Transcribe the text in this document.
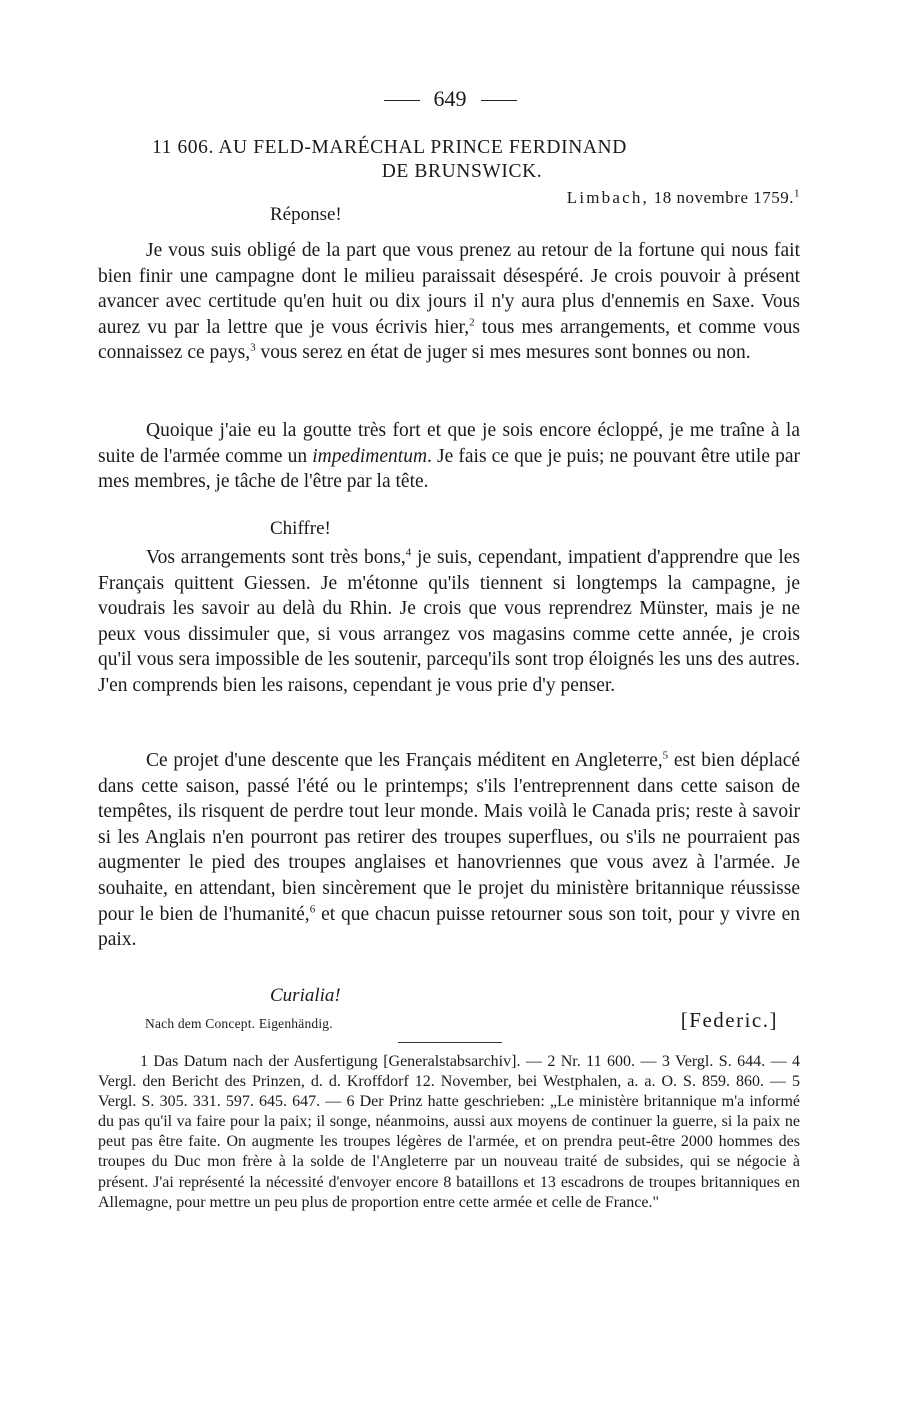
649
11 606. AU FELD-MARÉCHAL PRINCE FERDINAND
DE BRUNSWICK.
Limbach, 18 novembre 1759.$^1$
Réponse!

Je vous suis obligé de la part que vous prenez au retour de la fortune qui nous fait bien finir une campagne dont le milieu paraissait désespéré. Je crois pouvoir à présent avancer avec certitude qu'en huit ou dix jours il n'y aura plus d'ennemis en Saxe. Vous aurez vu par la lettre que je vous écrivis hier,$^2$ tous mes arrangements, et comme vous connaissez ce pays,$^3$ vous serez en état de juger si mes mesures sont bonnes ou non.

Quoique j'aie eu la goutte très fort et que je sois encore écloppé, je me traîne à la suite de l'armée comme un impedimentum. Je fais ce que je puis; ne pouvant être utile par mes membres, je tâche de l'être par la tête.

Chiffre!

Vos arrangements sont très bons,$^4$ je suis, cependant, impatient d'apprendre que les Français quittent Giessen. Je m'étonne qu'ils tiennent si longtemps la campagne, je voudrais les savoir au delà du Rhin. Je crois que vous reprendrez Münster, mais je ne peux vous dissimuler que, si vous arrangez vos magasins comme cette année, je crois qu'il vous sera impossible de les soutenir, parcequ'ils sont trop éloignés les uns des autres. J'en comprends bien les raisons, cependant je vous prie d'y penser.

Ce projet d'une descente que les Français méditent en Angleterre,$^5$ est bien déplacé dans cette saison, passé l'été ou le printemps; s'ils l'entreprennent dans cette saison de tempêtes, ils risquent de perdre tout leur monde. Mais voilà le Canada pris; reste à savoir si les Anglais n'en pourront pas retirer des troupes superflues, ou s'ils ne pourraient pas augmenter le pied des troupes anglaises et hanovriennes que vous avez à l'armée. Je souhaite, en attendant, bien sincèrement que le projet du ministère britannique réussisse pour le bien de l'humanité,$^6$ et que chacun puisse retourner sous son toit, pour y vivre en paix.

Curialia!
Nach dem Concept. Eigenhändig.	[Federic.]

1 Das Datum nach der Ausfertigung [Generalstabsarchiv]. — 2 Nr. 11 600. — 3 Vergl. S. 644. — 4 Vergl. den Bericht des Prinzen, d. d. Kroffdorf 12. November, bei Westphalen, a. a. O. S. 859. 860. — 5 Vergl. S. 305. 331. 597. 645. 647. — 6 Der Prinz hatte geschrieben: „Le ministère britannique m'a informé du pas qu'il va faire pour la paix; il songe, néanmoins, aussi aux moyens de continuer la guerre, si la paix ne peut pas être faite. On augmente les troupes légères de l'armée, et on prendra peut-être 2000 hommes des troupes du Duc mon frère à la solde de l'Angleterre par un nouveau traité de subsides, qui se négocie à présent. J'ai représenté la nécessité d'envoyer encore 8 bataillons et 13 escadrons de troupes britanniques en Allemagne, pour mettre un peu plus de proportion entre cette armée et celle de France."
